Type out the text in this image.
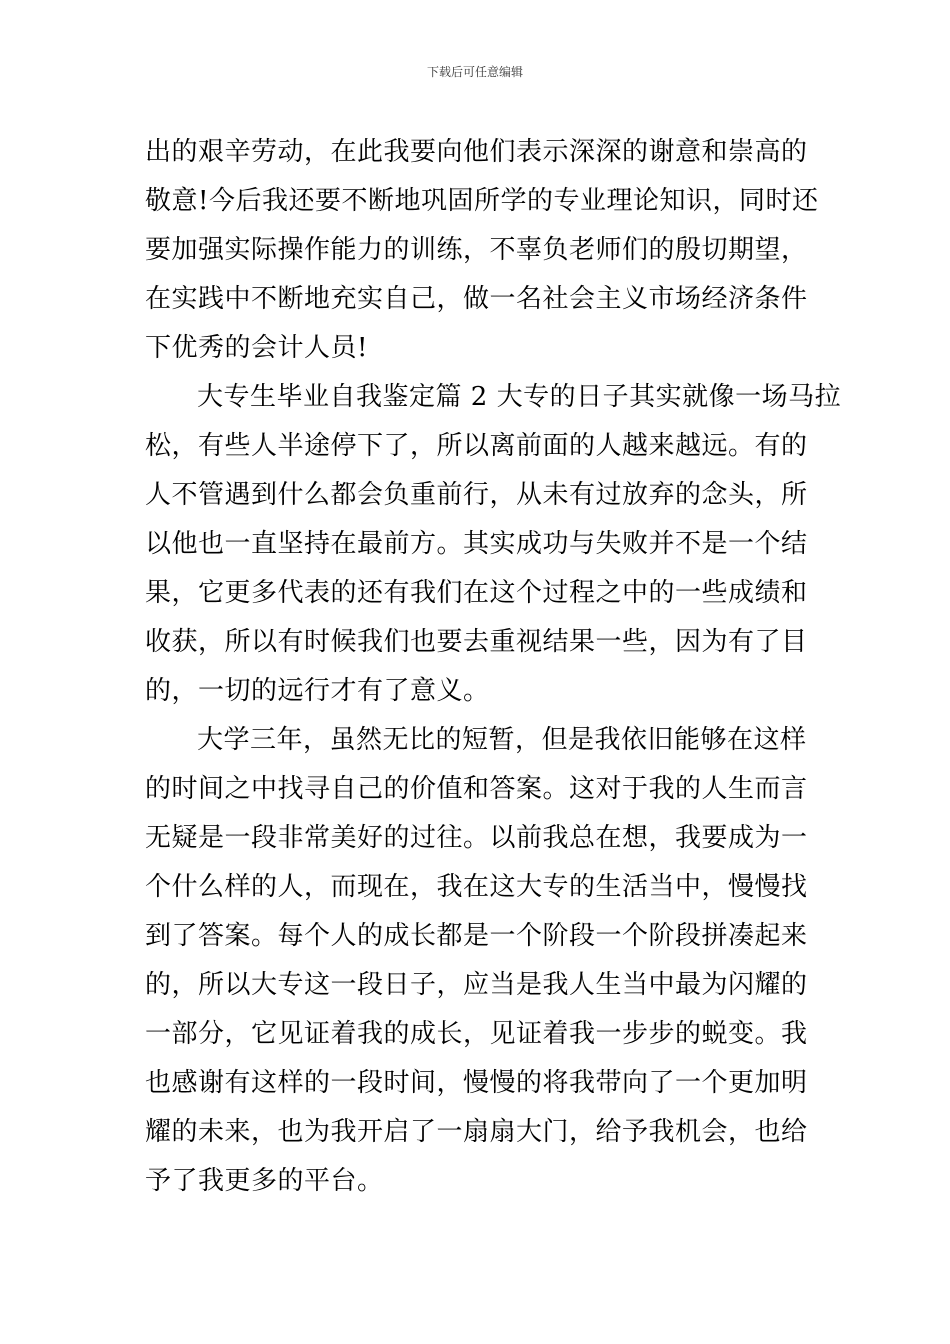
下载后可任意编辑
出的艰辛劳动，在此我要向他们表示深深的谢意和崇高的
敬意!今后我还要不断地巩固所学的专业理论知识，同时还
要加强实际操作能力的训练，不辜负老师们的殷切期望，
在实践中不断地充实自己，做一名社会主义市场经济条件
下优秀的会计人员!
大专生毕业自我鉴定篇 2 大专的日子其实就像一场马拉
松，有些人半途停下了，所以离前面的人越来越远。有的
人不管遇到什么都会负重前行，从未有过放弃的念头，所
以他也一直坚持在最前方。其实成功与失败并不是一个结
果，它更多代表的还有我们在这个过程之中的一些成绩和
收获，所以有时候我们也要去重视结果一些，因为有了目
的，一切的远行才有了意义。
大学三年，虽然无比的短暂，但是我依旧能够在这样
的时间之中找寻自己的价值和答案。这对于我的人生而言
无疑是一段非常美好的过往。以前我总在想，我要成为一
个什么样的人，而现在，我在这大专的生活当中，慢慢找
到了答案。每个人的成长都是一个阶段一个阶段拼凑起来
的，所以大专这一段日子，应当是我人生当中最为闪耀的
一部分，它见证着我的成长，见证着我一步步的蜕变。我
也感谢有这样的一段时间，慢慢的将我带向了一个更加明
耀的未来，也为我开启了一扇扇大门，给予我机会，也给
予了我更多的平台。
